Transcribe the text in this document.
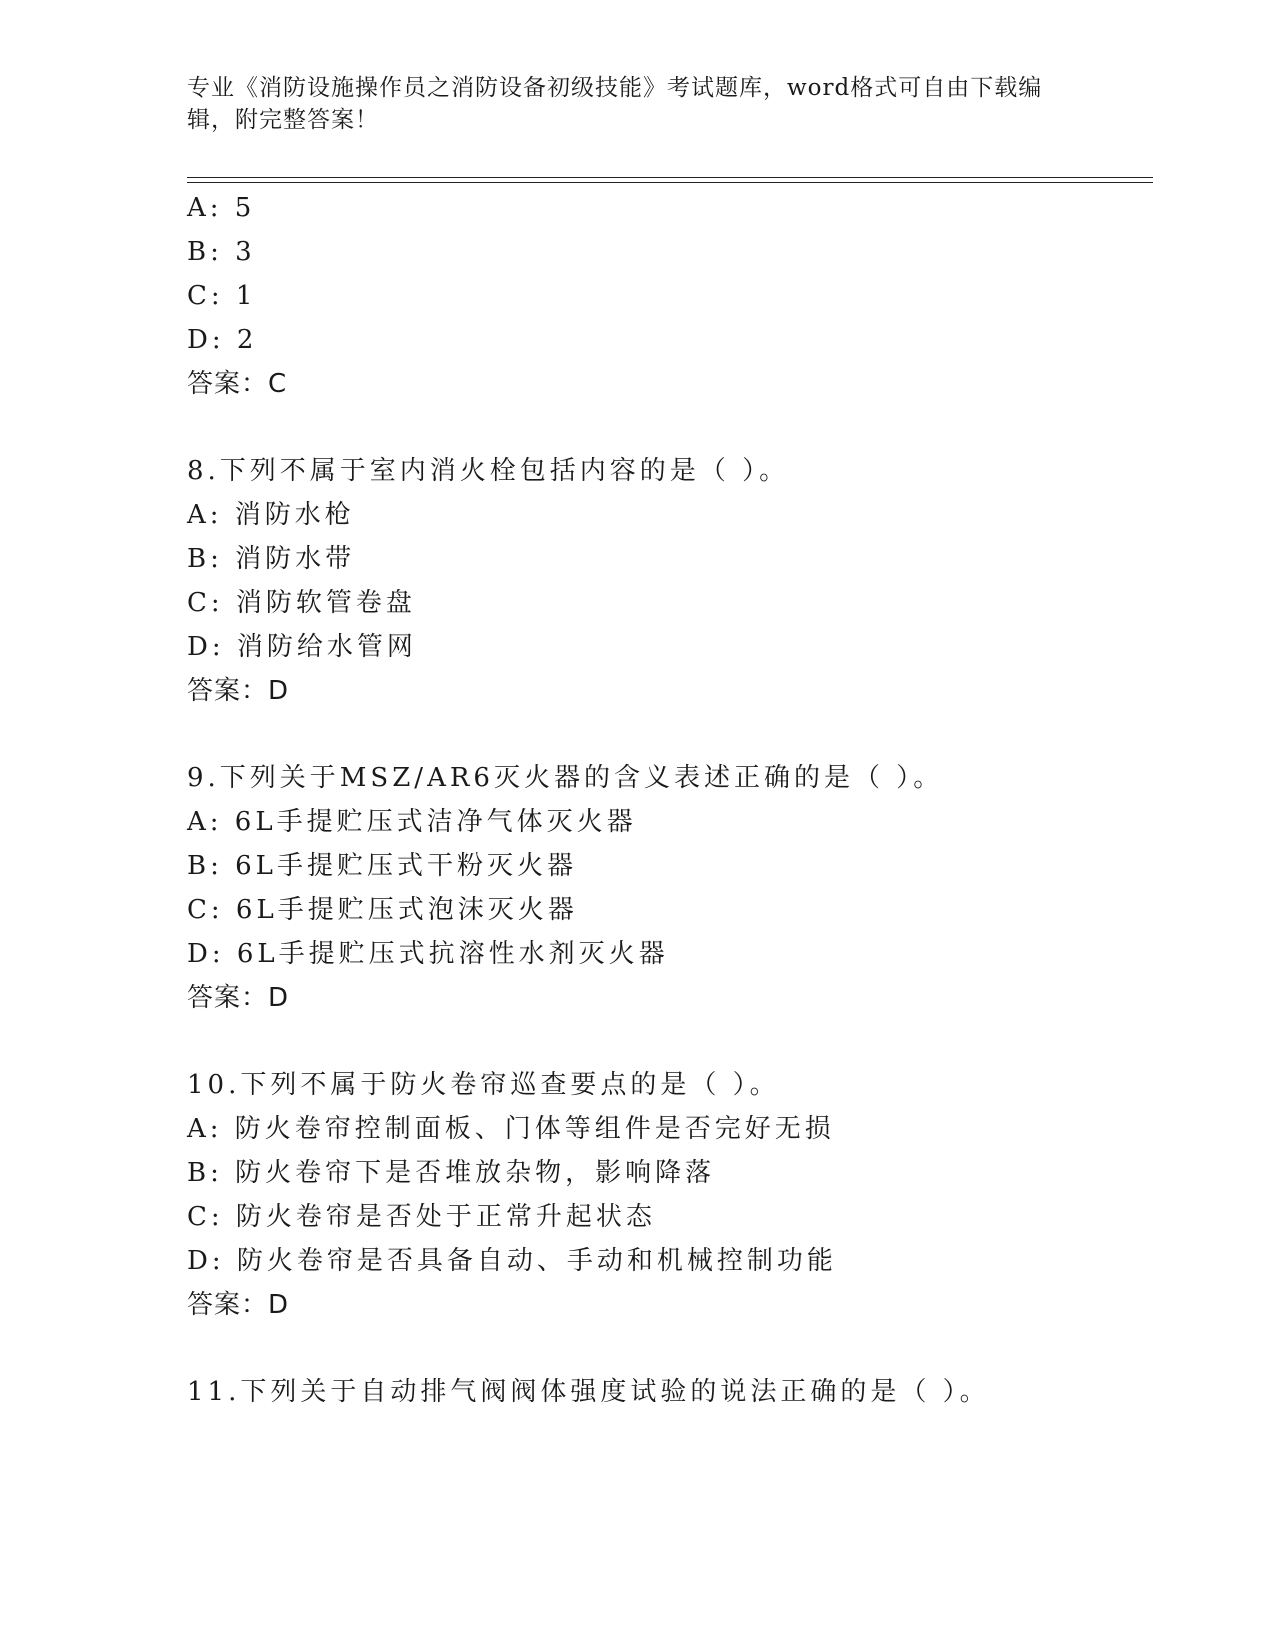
专业《消防设施操作员之消防设备初级技能》考试题库，word格式可自由下载编辑，附完整答案！
A: 5
B: 3
C: 1
D: 2
答案：C
8.下列不属于室内消火栓包括内容的是（ ）。
A: 消防水枪
B: 消防水带
C: 消防软管卷盘
D: 消防给水管网
答案：D
9.下列关于MSZ/AR6灭火器的含义表述正确的是（ ）。
A: 6L手提贮压式洁净气体灭火器
B: 6L手提贮压式干粉灭火器
C: 6L手提贮压式泡沫灭火器
D: 6L手提贮压式抗溶性水剂灭火器
答案：D
10.下列不属于防火卷帘巡查要点的是（ ）。
A: 防火卷帘控制面板、门体等组件是否完好无损
B: 防火卷帘下是否堆放杂物，影响降落
C: 防火卷帘是否处于正常升起状态
D: 防火卷帘是否具备自动、手动和机械控制功能
答案：D
11.下列关于自动排气阀阀体强度试验的说法正确的是（ ）。
